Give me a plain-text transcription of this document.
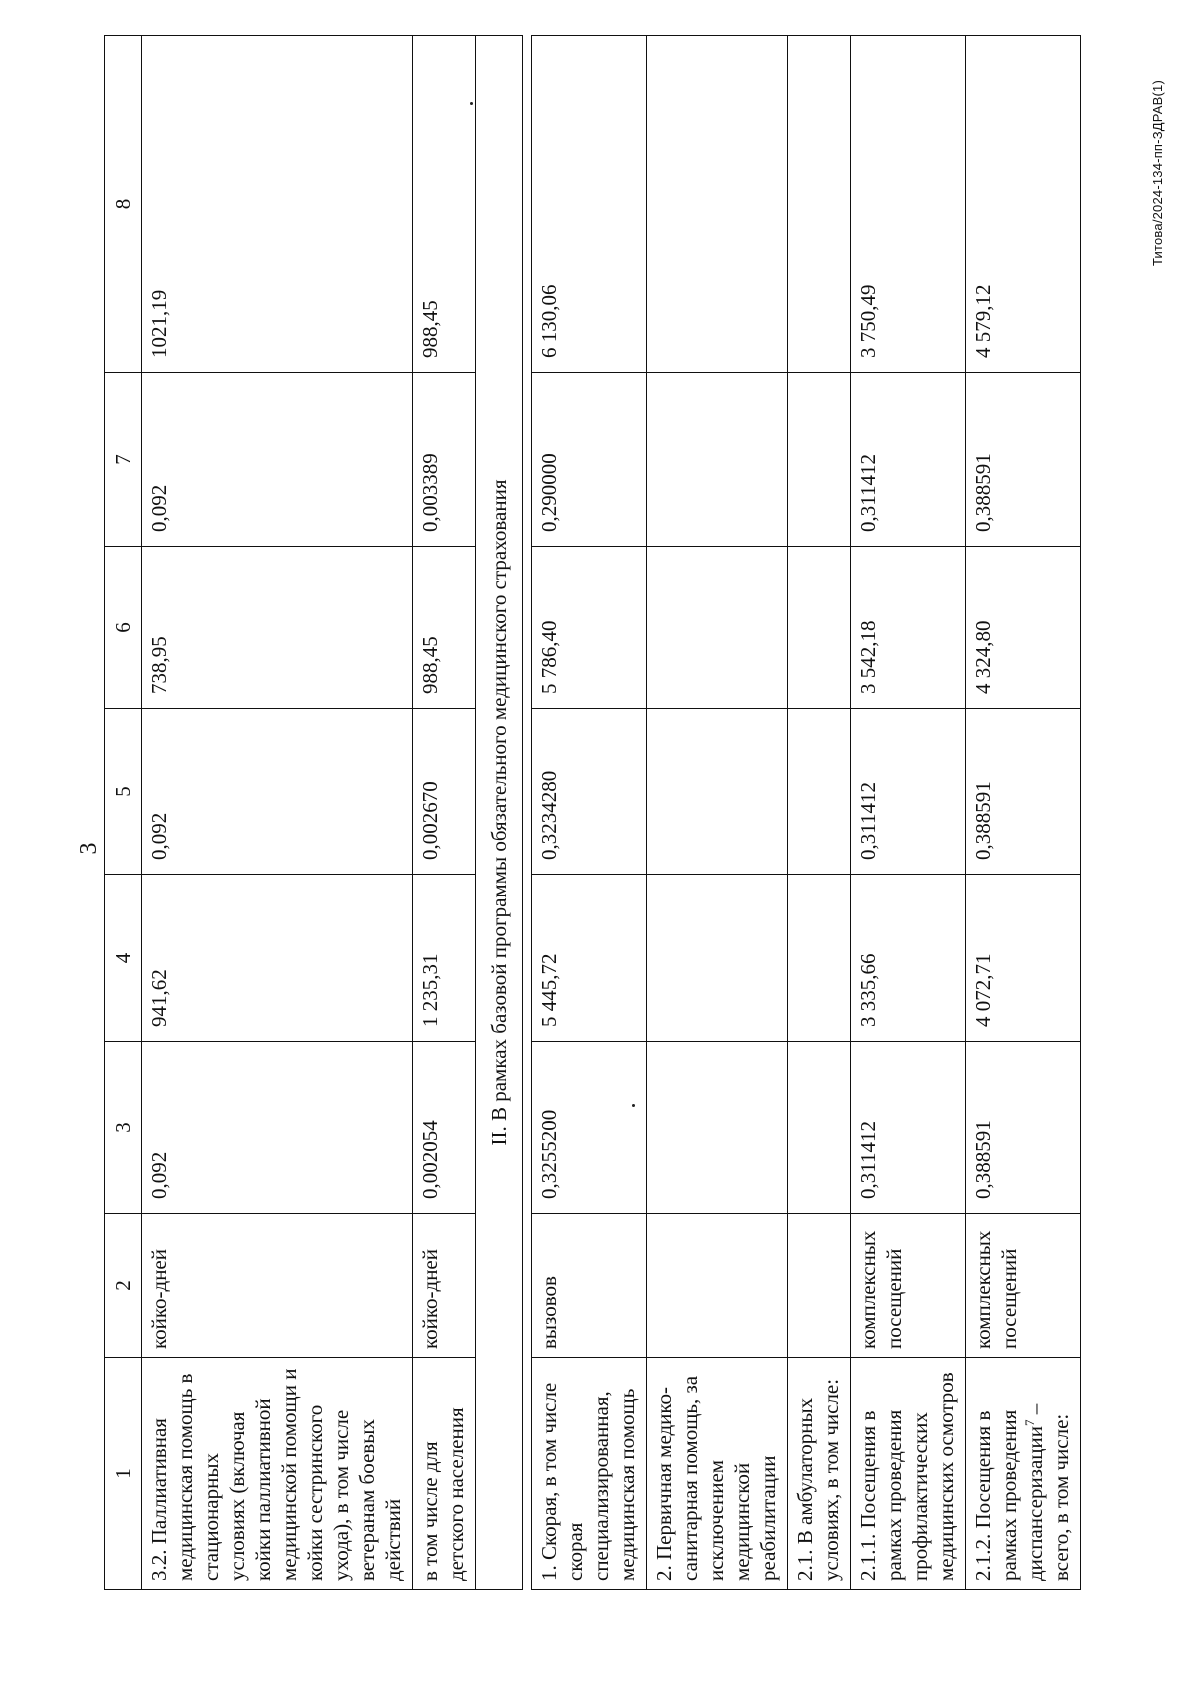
3
1	2	3	4	5	6	7	8
3.2. Паллиативная медицинская помощь в стационарных условиях (включая койки паллиативной медицинской помощи и койки сестринского ухода), в том числе ветеранам боевых действий	койко-дней	0,092	941,62	0,092	738,95	0,092	1021,19
в том числе для детского населения	койко-дней	0,002054	1 235,31	0,002670	988,45	0,003389	988,45
II. В рамках базовой программы обязательного медицинского страхования							

1. Скорая, в том числе скорая специализированная, медицинская помощь	вызовов	0,3255200	5 445,72	0,3234280	5 786,40	0,290000	6 130,06
2. Первичная медико-санитарная помощь, за исключением медицинской реабилитации							
2.1. В амбулаторных условиях, в том числе:							
2.1.1. Посещения в рамках проведения профилактических медицинских осмотров	комплексных посещений	0,311412	3 335,66	0,311412	3 542,18	0,311412	3 750,49
2.1.2. Посещения в рамках проведения диспансеризации$^7$ – всего, в том числе:	комплексных посещений	0,388591	4 072,71	0,388591	4 324,80	0,388591	4 579,12
Титова/2024-134-пп-ЗДРАВ(1)
